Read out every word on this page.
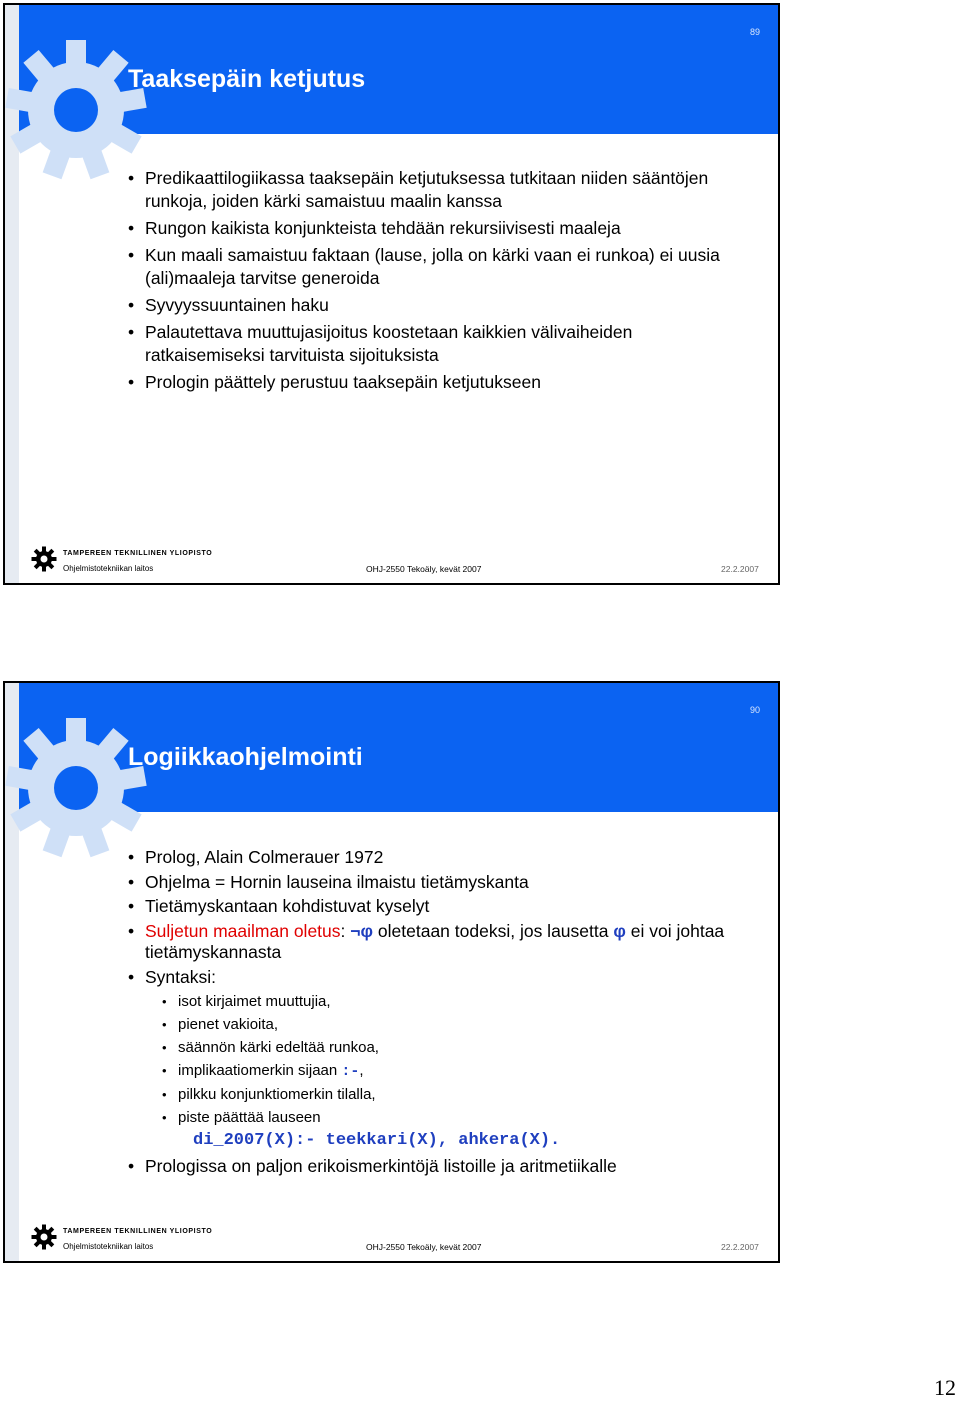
89
Taaksepäin ketjutus
• Predikaattilogiikassa taaksepäin ketjutuksessa tutkitaan niiden sääntöjen runkoja, joiden kärki samaistuu maalin kanssa
• Rungon kaikista konjunkteista tehdään rekursiivisesti maaleja
• Kun maali samaistuu faktaan (lause, jolla on kärki vaan ei runkoa) ei uusia (ali)maaleja tarvitse generoida
• Syvyyssuuntainen haku
• Palautettava muuttujasijoitus koostetaan kaikkien välivaiheiden ratkaisemiseksi tarvituista sijoituksista
• Prologin päättely perustuu taaksepäin ketjutukseen
TAMPEREEN TEKNILLINEN YLIOPISTO
Ohjelmistotekniikan laitos	OHJ-2550 Tekoäly, kevät 2007	22.2.2007
90
Logiikkaohjelmointi
• Prolog, Alain Colmerauer 1972
• Ohjelma = Hornin lauseina ilmaistu tietämyskanta
• Tietämyskantaan kohdistuvat kyselyt
• Suljetun maailman oletus: ¬φ oletetaan todeksi, jos lausetta φ ei voi johtaa tietämyskannasta
• Syntaksi:
• isot kirjaimet muuttujia,
• pienet vakioita,
• säännön kärki edeltää runkoa,
• implikaatiomerkin sijaan :-,
• pilkku konjunktiomerkin tilalla,
• piste päättää lauseen
di_2007(X):- teekkari(X), ahkera(X).
• Prologissa on paljon erikoismerkintöjä listoille ja aritmetiikalle
TAMPEREEN TEKNILLINEN YLIOPISTO
Ohjelmistotekniikan laitos	OHJ-2550 Tekoäly, kevät 2007	22.2.2007
12
